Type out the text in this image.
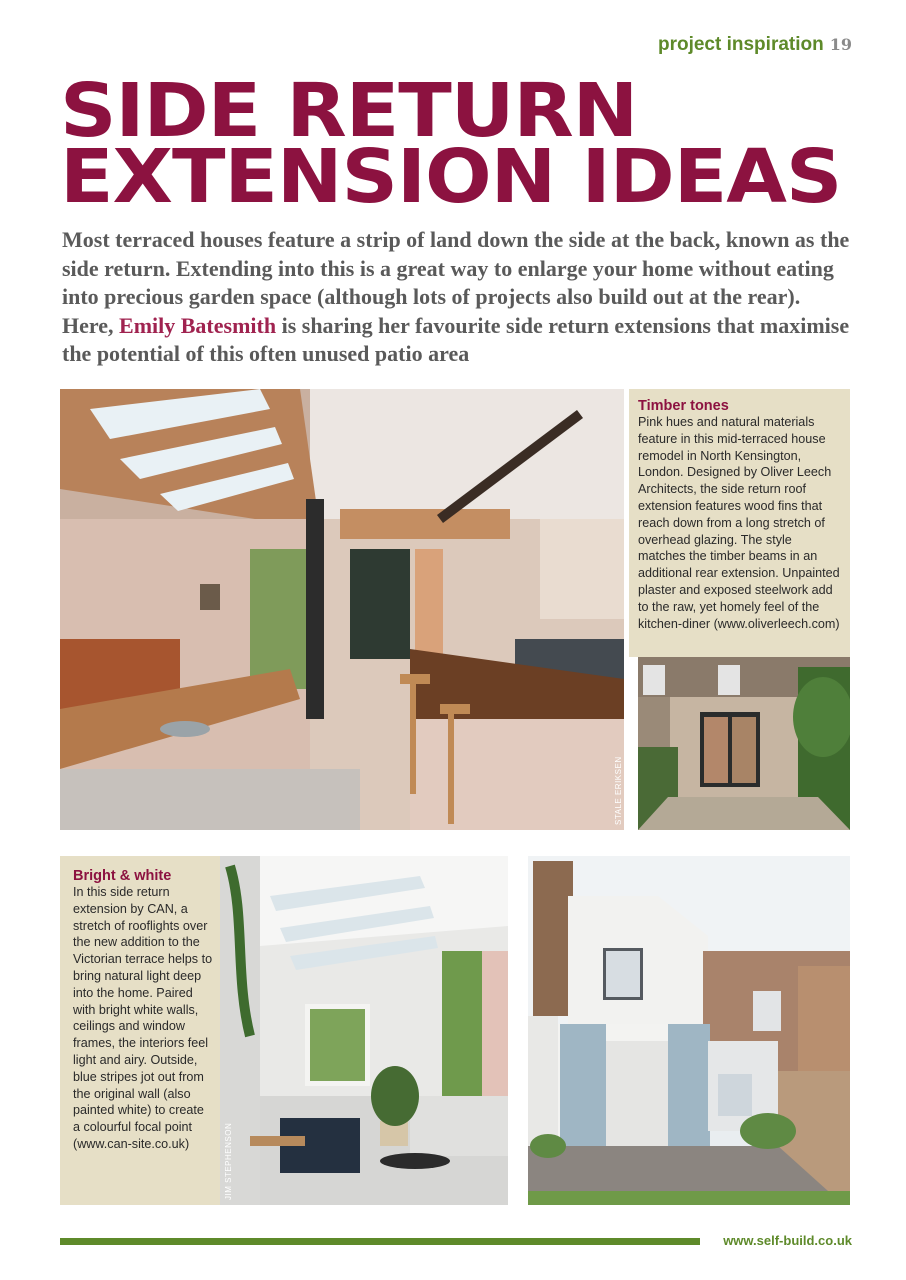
project inspiration 19
SIDE RETURN
EXTENSION IDEAS

Most terraced houses feature a strip of land down the side at the back, known as the side return. Extending into this is a great way to enlarge your home without eating into precious garden space (although lots of projects also build out at the rear). Here, Emily Batesmith is sharing her favourite side return extensions that maximise the potential of this often unused patio area

STALE ERIKSEN
Timber tones
Pink hues and natural materials feature in this mid-terraced house remodel in North Kensington, London. Designed by Oliver Leech Architects, the side return roof extension features wood fins that reach down from a long stretch of overhead glazing. The style matches the timber beams in an additional rear extension. Unpainted plaster and exposed steelwork add to the raw, yet homely feel of the kitchen-diner (www.oliverleech.com)
Bright & white
In this side return extension by CAN, a stretch of rooflights over the new addition to the Victorian terrace helps to bring natural light deep into the home. Paired with bright white walls, ceilings and window frames, the interiors feel light and airy. Outside, blue stripes jot out from the original wall (also painted white) to create a colourful focal point (www.can-site.co.uk)	JIM STEPHENSON
www.self-build.co.uk
